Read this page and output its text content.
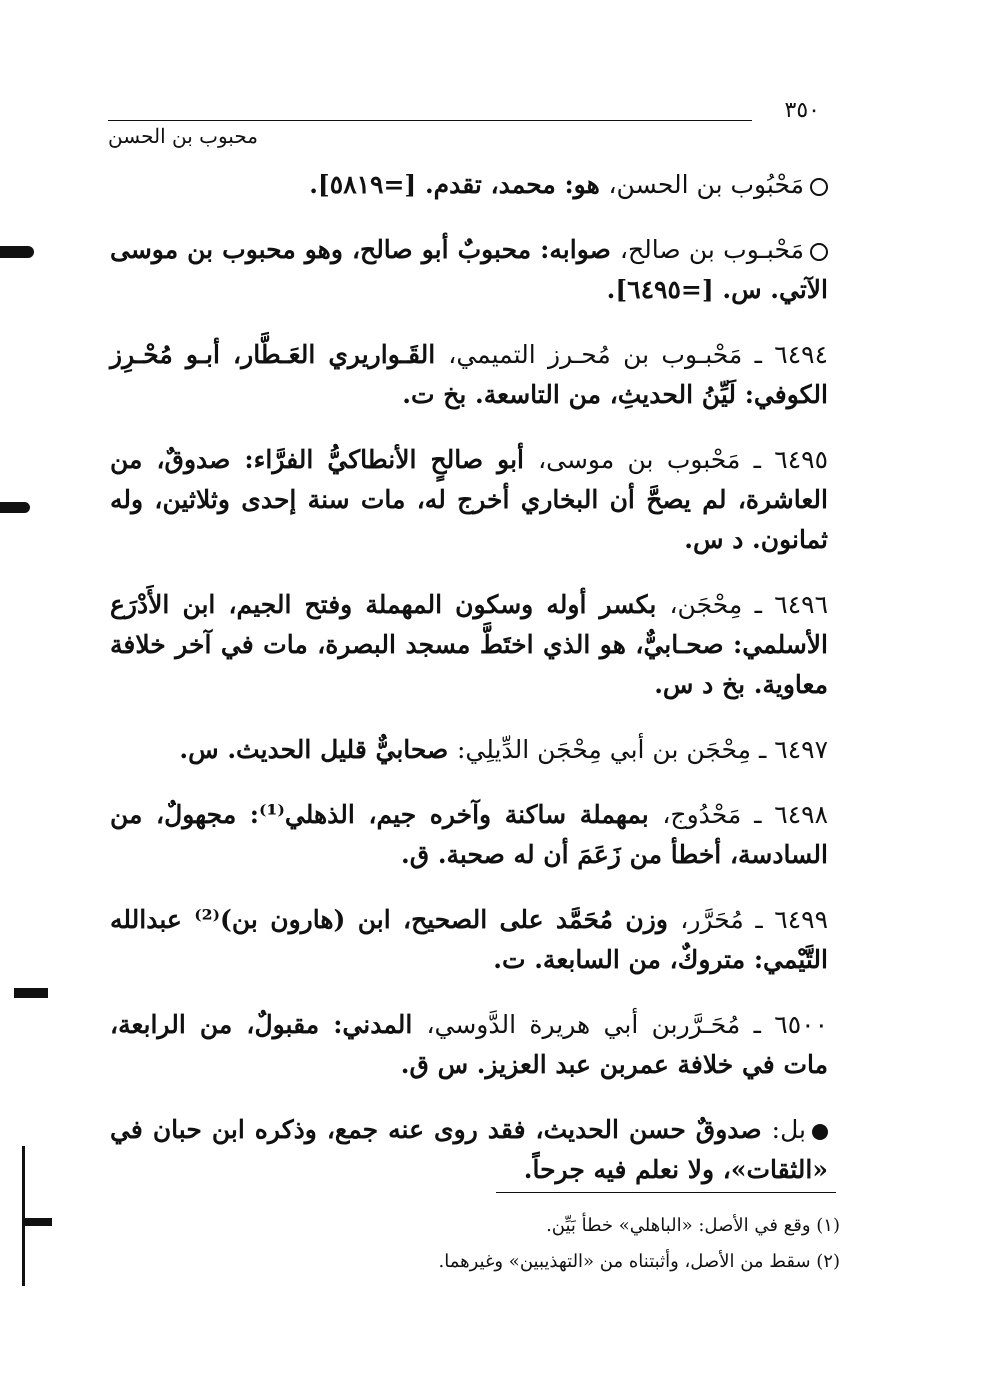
٣٥٠
محبوب بن الحسن

مَحْبُوب بن الحسن، هو: محمد، تقدم. [=٥٨١٩].

مَحْبـوب بن صالح، صوابه: محبوبٌ أبو صالح، وهو محبوب بن موسى الآتي. س. [=٦٤٩٥].

٦٤٩٤ ـ مَحْبـوب بن مُحـرز التميمي، القَـواريري العَـطَّار، أبـو مُحْـرِز الكوفي: لَيِّنُ الحديثِ، من التاسعة. بخ ت.

٦٤٩٥ ـ مَحْبوب بن موسى، أبو صالحٍ الأنطاكيُّ الفرَّاء: صدوقٌ، من العاشرة، لم يصحَّ أن البخاري أخرج له، مات سنة إحدى وثلاثين، وله ثمانون. د س.

٦٤٩٦ ـ مِحْجَن، بكسر أوله وسكون المهملة وفتح الجيم، ابن الأَدْرَع الأسلمي: صحـابيٌّ، هو الذي اختَطَّ مسجد البصرة، مات في آخر خلافة معاوية. بخ د س.

٦٤٩٧ ـ مِحْجَن بن أبي مِحْجَن الدِّيلِي: صحابيٌّ قليل الحديث. س.

٦٤٩٨ ـ مَحْدُوج، بمهملة ساكنة وآخره جيم، الذهلي⁽¹⁾: مجهولٌ، من السادسة، أخطأ من زَعَمَ أن له صحبة. ق.

٦٤٩٩ ـ مُحَرَّر، وزن مُحَمَّد على الصحيح، ابن (هارون بن)⁽²⁾ عبدالله التَّيْمي: متروكٌ، من السابعة. ت.

٦٥٠٠ ـ مُحَـرَّربن أبي هريرة الدَّوسي، المدني: مقبولٌ، من الرابعة، مات في خلافة عمربن عبد العزيز. س ق.

بل: صدوقٌ حسن الحديث، فقد روى عنه جمع، وذكره ابن حبان في «الثقات»، ولا نعلم فيه جرحاً.

(١) وقع في الأصل: «الباهلي» خطأ بَيِّن.
(٢) سقط من الأصل، وأثبتناه من «التهذيبين» وغيرهما.
